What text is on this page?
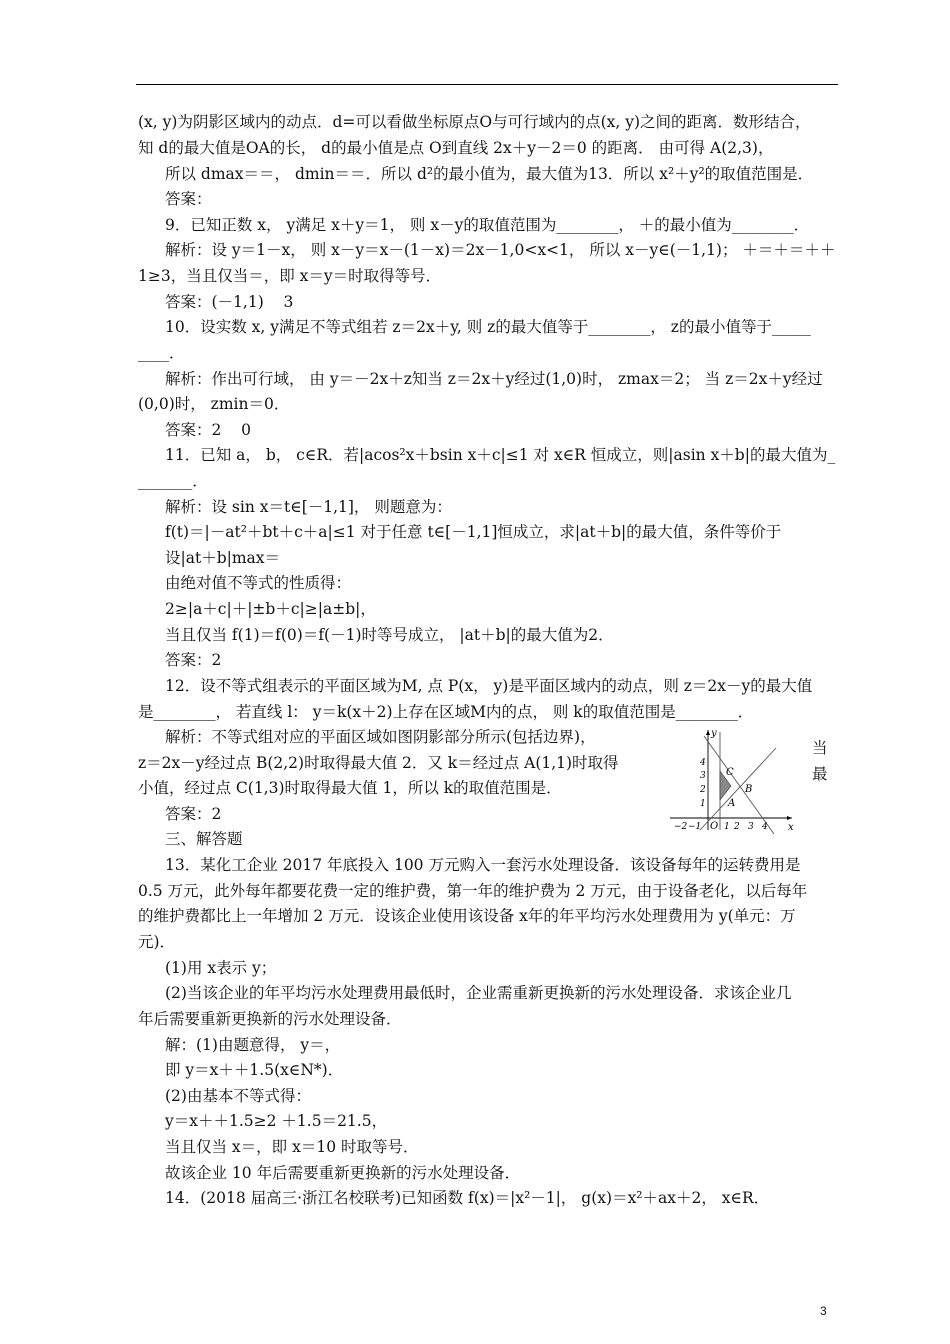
(x, y)为阴影区域内的动点．d=可以看做坐标原点O与可行域内的点(x, y)之间的距离．数形结合，
知 d的最大值是OA的长， d的最小值是点 O到直线 2x＋y－2＝0 的距离． 由可得 A(2,3)，
所以 dmax＝＝， dmin＝＝．所以 d²的最小值为，最大值为13．所以 x²＋y²的取值范围是．
答案：
9．已知正数 x， y满足 x＋y＝1， 则 x－y的取值范围为________， ＋的最小值为________．
解析：设 y＝1－x， 则 x－y＝x－(1－x)＝2x－1,0<x<1， 所以 x－y∈(－1,1)； ＋＝＋＝＋＋
1≥3，当且仅当＝，即 x＝y＝时取得等号．
答案：(－1,1)    3
10．设实数 x, y满足不等式组若 z＝2x＋y, 则 z的最大值等于________， z的最小值等于_____
____．
解析：作出可行域， 由 y＝－2x＋z知当 z＝2x＋y经过(1,0)时， zmax＝2； 当 z＝2x＋y经过
(0,0)时， zmin＝0．
答案：2    0
11．已知 a， b， c∈R．若|acos²x＋bsin x＋c|≤1 对 x∈R 恒成立，则|asin x＋b|的最大值为_
_______．
解析：设 sin x＝t∈[－1,1]， 则题意为：
f(t)＝|－at²＋bt＋c＋a|≤1 对于任意 t∈[－1,1]恒成立，求|at＋b|的最大值，条件等价于
设|at＋b|max＝
由绝对值不等式的性质得：
2≥|a＋c|＋|±b＋c|≥|a±b|，
当且仅当 f(1)＝f(0)＝f(－1)时等号成立， |at＋b|的最大值为2．
答案：2
12．设不等式组表示的平面区域为M, 点 P(x， y)是平面区域内的动点，则 z＝2x－y的最大值
是________， 若直线 l： y＝k(x＋2)上存在区域M内的点， 则 k的取值范围是________．
解析：不等式组对应的平面区域如图阴影部分所示(包括边界)，
z＝2x－y经过点 B(2,2)时取得最大值 2．又 k＝经过点 A(1,1)时取得
小值，经过点 C(1,3)时取得最大值 1，所以 k的取值范围是．
答案：2
三、解答题
13．某化工企业 2017 年底投入 100 万元购入一套污水处理设备．该设备每年的运转费用是
0.5 万元，此外每年都要花费一定的维护费，第一年的维护费为 2 万元，由于设备老化，以后每年
的维护费都比上一年增加 2 万元．设该企业使用该设备 x年的年平均污水处理费用为 y(单元：万
元)．
(1)用 x表示 y；
(2)当该企业的年平均污水处理费用最低时，企业需重新更换新的污水处理设备．求该企业几
年后需要重新更换新的污水处理设备．
解：(1)由题意得， y＝，
即 y＝x＋＋1.5(x∈N*)．
(2)由基本不等式得：
y＝x＋＋1.5≥2 ＋1.5＝21.5，
当且仅当 x＝，即 x＝10 时取等号．
故该企业 10 年后需要重新更换新的污水处理设备．
14．(2018 届高三·浙江名校联考)已知函数 f(x)＝|x²－1|， g(x)＝x²＋ax＋2， x∈R．
当
最
y
x
O
4
3
2
1
−2 −1	1 2 3 4
C
B
A
3
